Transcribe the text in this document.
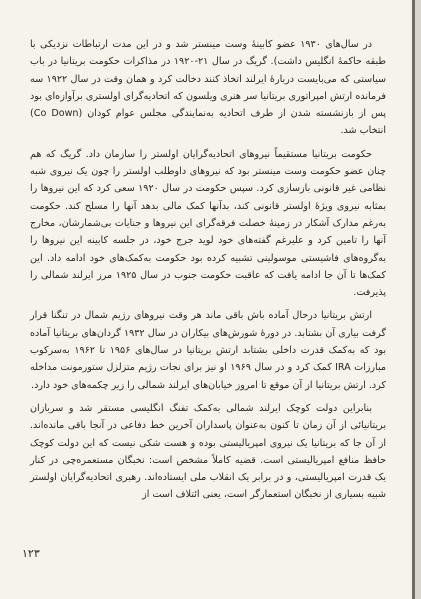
در سال‌های ۱۹۳۰ عضو کابینهٔ وست مینستر شد و در این مدت ارتباطات نزدیکی با طبقه حاکمهٔ انگلیس داشت). گریگ در سال ۲۱-۱۹۲۰ در مذاکرات حکومت بریتانیا در باب سیاستی که می‌بایست دربارهٔ ایرلند اتخاذ کنند دخالت کرد و همان وقت در سال ۱۹۲۲ سه فرمانده ارتش امپراتوری بریتانیا سر هنری ویلسون که اتحادیه‌گرای اولستری برآوازه‌ای بود پس از بازنشسته شدن از طرف اتحادیه به‌نمایندگی مجلس عوام کودان (Co Down) انتخاب شد.

حکومت بریتانیا مستقیماً نیروهای اتحادیه‌گرایان اولستر را سازمان داد. گریگ که هم چنان عضو حکومت وست مینستر بود که نیروهای داوطلب اولستر را چون یک نیروی شبه نظامی غیر قانونی بازسازی کرد. سپس حکومت در سال ۱۹۲۰ سعی کرد که این نیروها را بمثابه نیروی ویژهٔ اولستر قانونی کند، بدآنها کمک مالی بدهد آنها را مسلح کند. حکومت به‌رغم مدارک آشکار در زمینهٔ خصلت فرقه‌گرای این نیروها و جنایات بی‌شمارشان، مخارج آنها را تامین کرد و علیرغم گفته‌های خود لوید جرج خود، در جلسه کابینه این نیروها را به‌گروه‌های فاشیستی موسولینی تشبیه کرده بود حکومت به‌کمک‌های خود ادامه داد. این کمک‌ها تا آن جا ادامه یافت که عاقبت حکومت جنوب در سال ۱۹۲۵ مرز ایرلند شمالی را پذیرفت.

ارتش بریتانیا درحال آماده باش باقی ماند هر وقت نیروهای رژیم شمال در تنگنا قرار گرفت بیاری آن بشتابد. در دورهٔ شورش‌های بیکاران در سال ۱۹۳۲ گردان‌های بریتانیا آماده بود که به‌کمک قدرت داخلی بشتابد ارتش بریتانیا در سال‌های ۱۹۵۶ تا ۱۹۶۲ به‌سرکوب مبارزات IRA کمک کرد و در سال ۱۹۶۹ او نیز برای نجات رژیم متزلزل ستورمونت مداخله کرد. ارتش بریتانیا از آن موقع تا امروز خیابان‌های ایرلند شمالی را زیر چکمه‌های خود دارد.

بنابراین دولت کوچک ایرلند شمالی به‌کمک تفنگ انگلیسی مستقر شد و سربازان بریتانیائی از آن زمان تا کنون به‌عنوان پاسداران آخرین خط دفاعی در آنجا باقی مانده‌اند. از آن جا که بریتانیا یک نیروی امپریالیستی بوده و هست شکی نیست که این دولت کوچک حافظ منافع امپریالیستی است. قضیه کاملاً مشخص است: نخبگان مستعمره‌چی در کنار یک قدرت امپریالیستی، و در برابر یک انقلاب ملی ایستاده‌اند. رهبری اتحادیه‌گرایان اولستر شبیه بسیاری از نخبگان استعمارگر است، یعنی ائتلاف است از

۱۲۳
